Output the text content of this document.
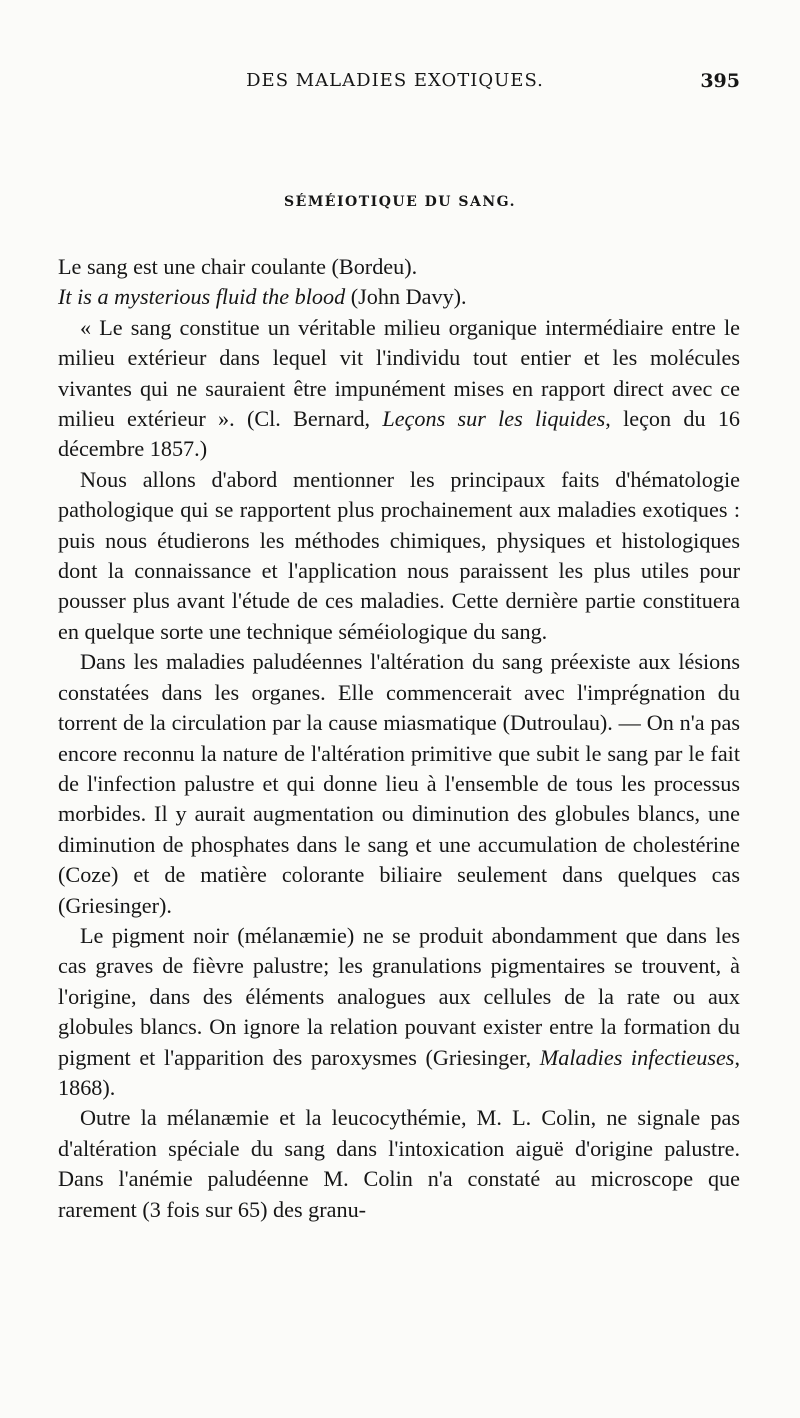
DES MALADIES EXOTIQUES.	395
SÉMÉIOTIQUE DU SANG.

Le sang est une chair coulante (Bordeu).

It is a mysterious fluid the blood (John Davy).

« Le sang constitue un véritable milieu organique intermédiaire entre le milieu extérieur dans lequel vit l'individu tout entier et les molécules vivantes qui ne sauraient être impunément mises en rapport direct avec ce milieu extérieur ». (Cl. Bernard, Leçons sur les liquides, leçon du 16 décembre 1857.)

Nous allons d'abord mentionner les principaux faits d'hématologie pathologique qui se rapportent plus prochainement aux maladies exotiques : puis nous étudierons les méthodes chimiques, physiques et histologiques dont la connaissance et l'application nous paraissent les plus utiles pour pousser plus avant l'étude de ces maladies. Cette dernière partie constituera en quelque sorte une technique séméiologique du sang.

Dans les maladies paludéennes l'altération du sang préexiste aux lésions constatées dans les organes. Elle commencerait avec l'imprégnation du torrent de la circulation par la cause miasmatique (Dutroulau). — On n'a pas encore reconnu la nature de l'altération primitive que subit le sang par le fait de l'infection palustre et qui donne lieu à l'ensemble de tous les processus morbides. Il y aurait augmentation ou diminution des globules blancs, une diminution de phosphates dans le sang et une accumulation de cholestérine (Coze) et de matière colorante biliaire seulement dans quelques cas (Griesinger).

Le pigment noir (mélanæmie) ne se produit abondamment que dans les cas graves de fièvre palustre; les granulations pigmentaires se trouvent, à l'origine, dans des éléments analogues aux cellules de la rate ou aux globules blancs. On ignore la relation pouvant exister entre la formation du pigment et l'apparition des paroxysmes (Griesinger, Maladies infectieuses, 1868).

Outre la mélanæmie et la leucocythémie, M. L. Colin, ne signale pas d'altération spéciale du sang dans l'intoxication aiguë d'origine palustre. Dans l'anémie paludéenne M. Colin n'a constaté au microscope que rarement (3 fois sur 65) des granu-
